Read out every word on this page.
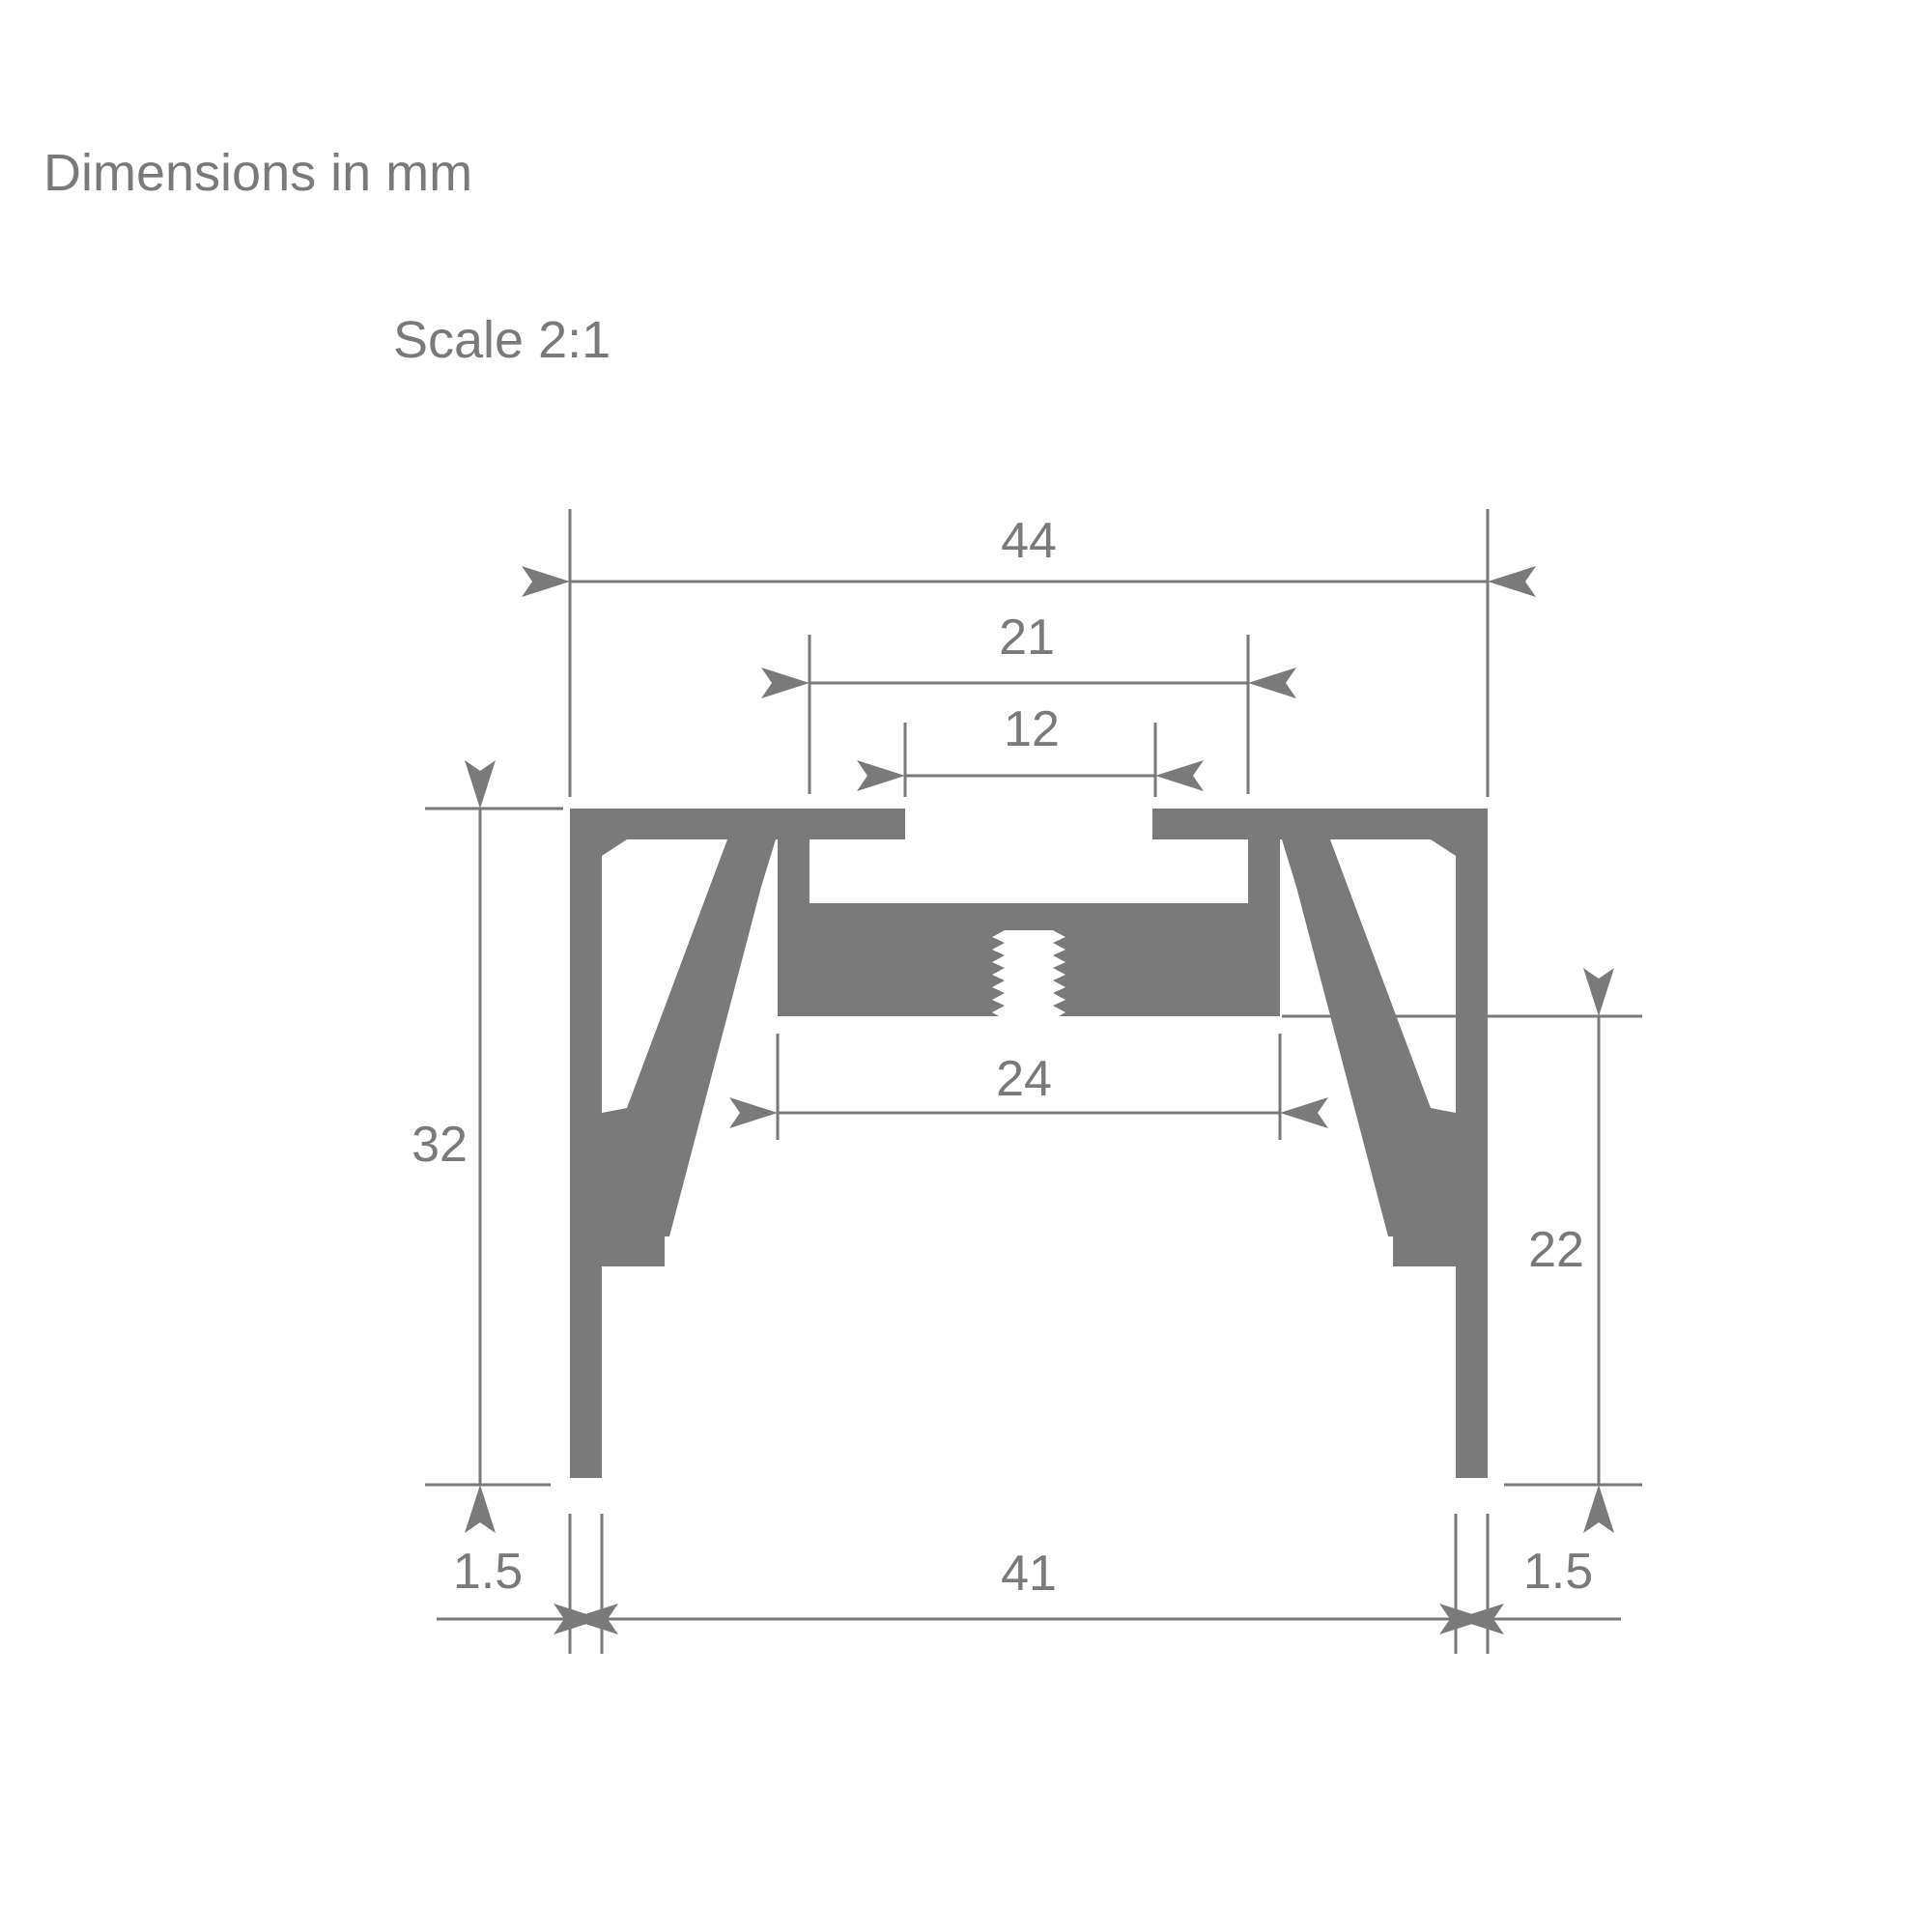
Dimensions in mm
Scale 2:1
44
21
12
24
32
22
1.5	41	1.5
